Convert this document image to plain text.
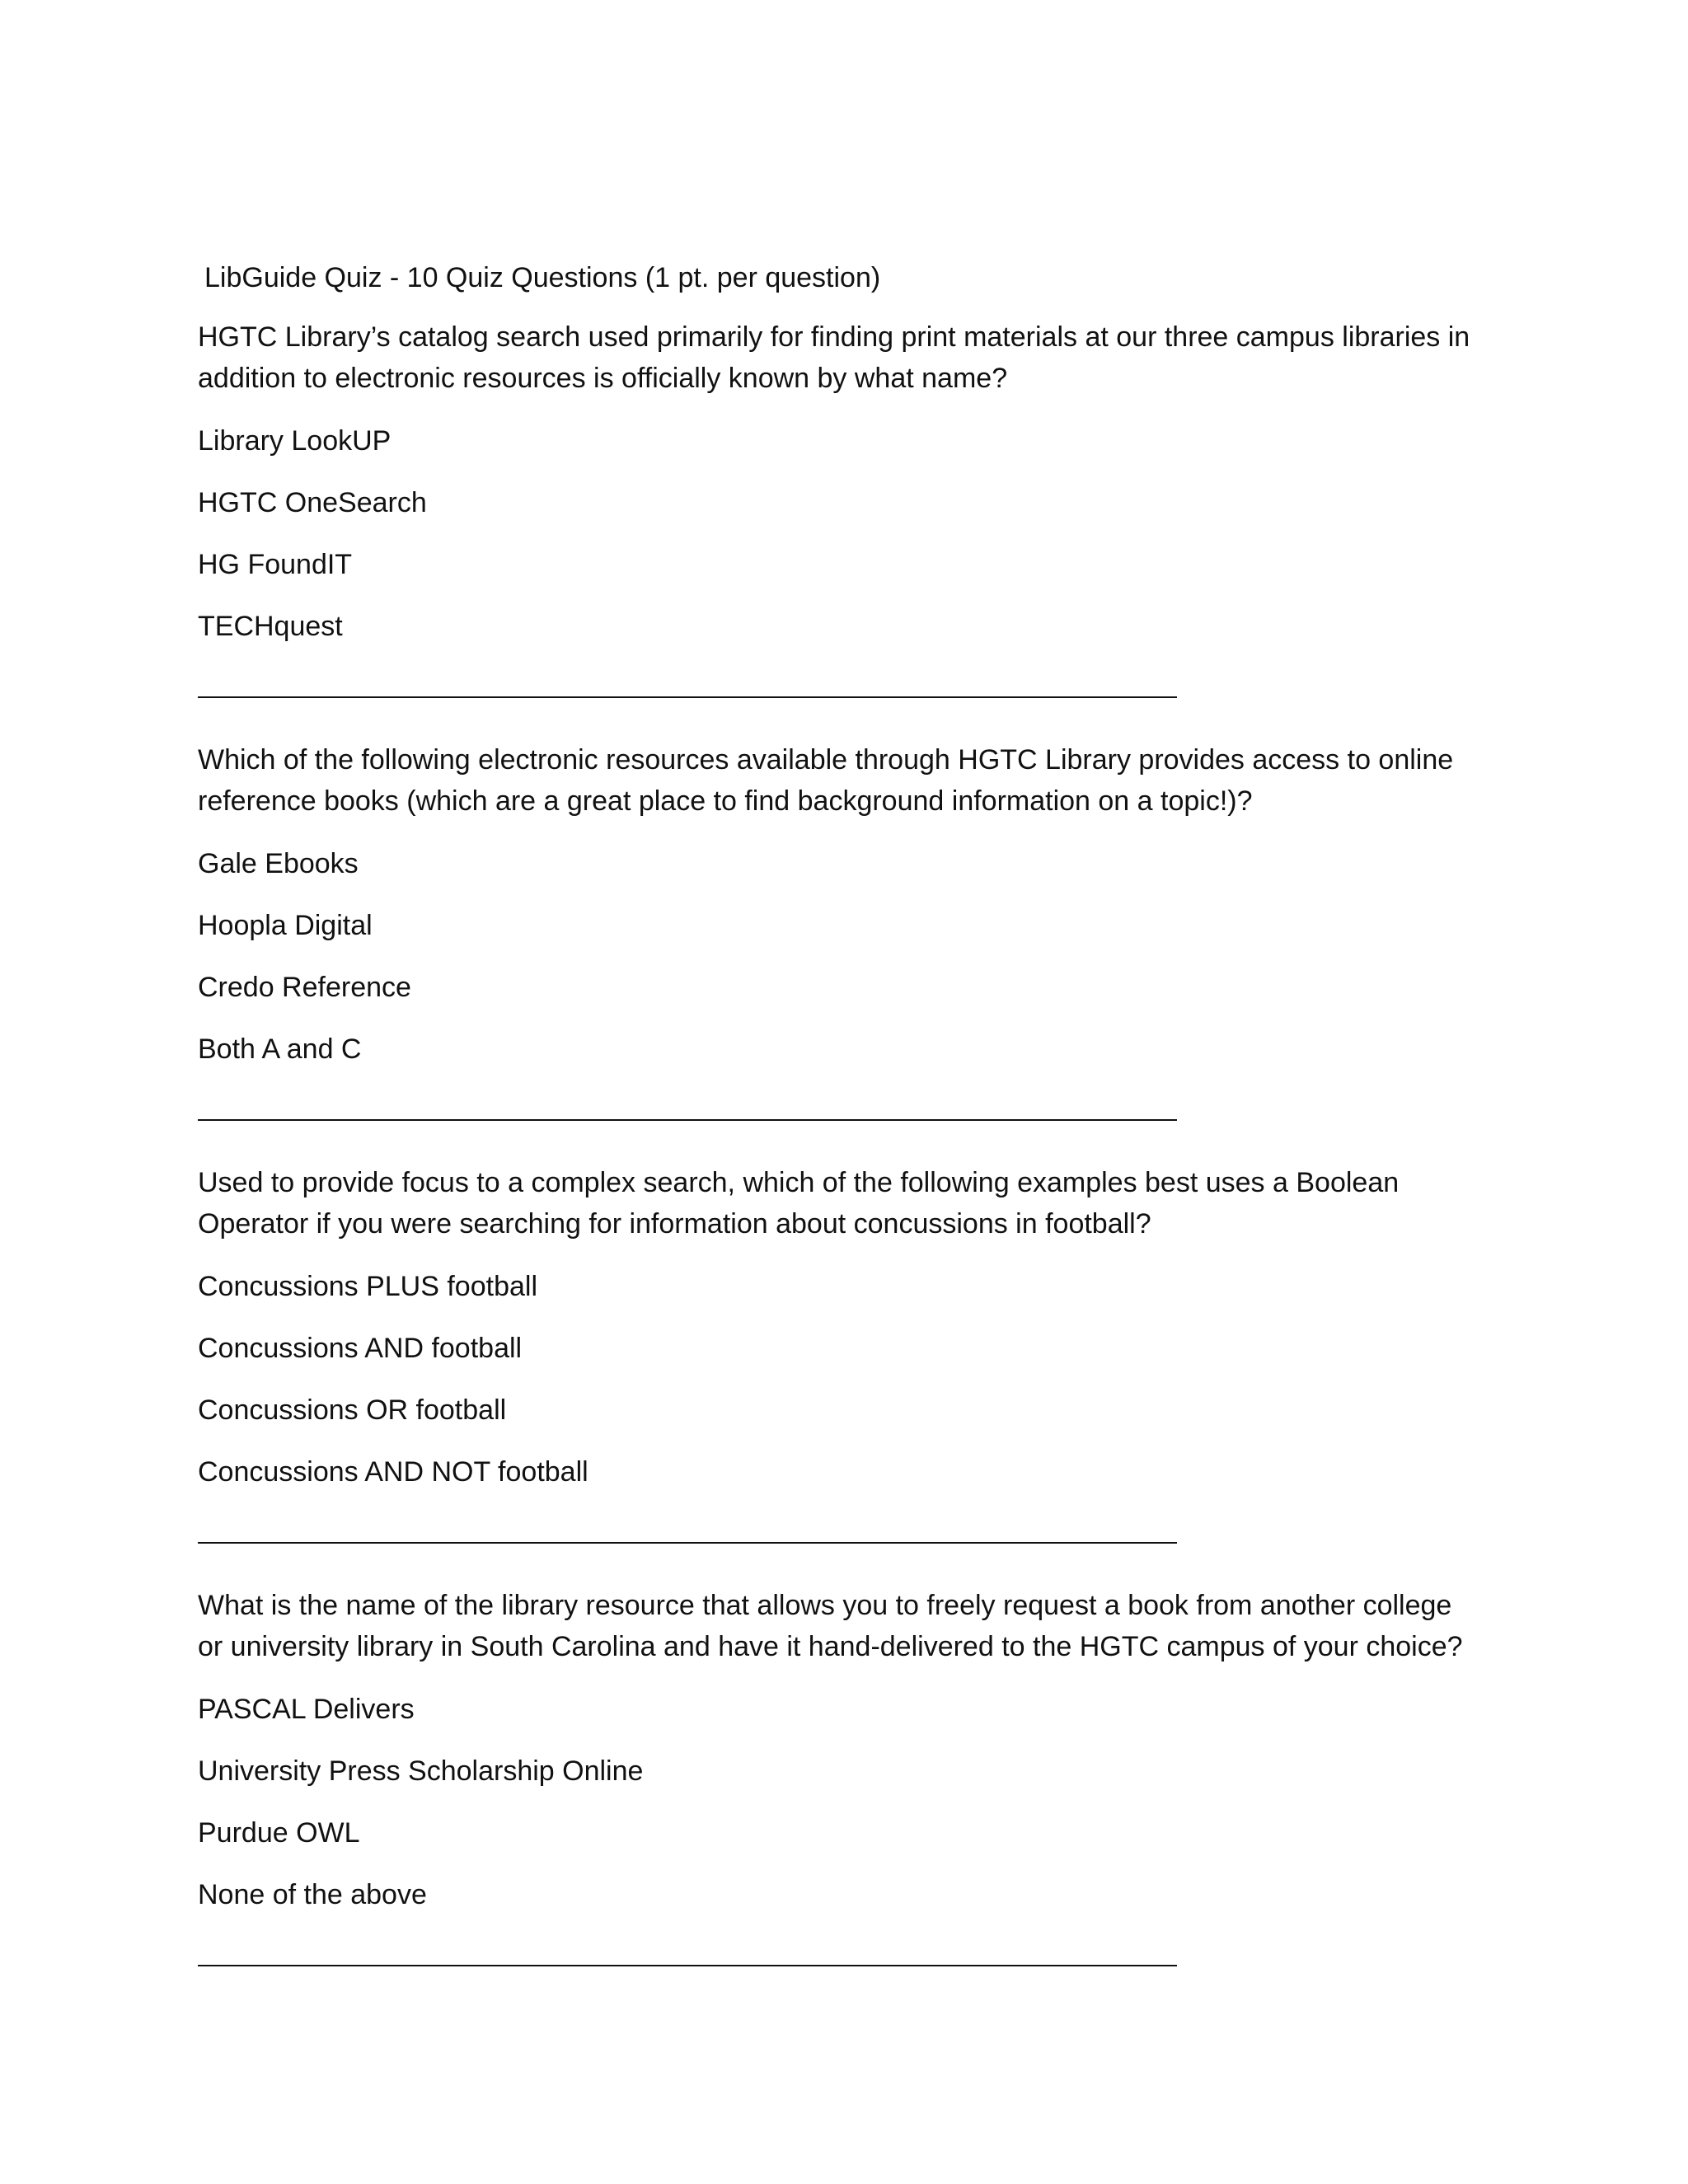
LibGuide Quiz - 10 Quiz Questions (1 pt. per question)

HGTC Library’s catalog search used primarily for finding print materials at our three campus libraries in addition to electronic resources is officially known by what name?

Library LookUP
HGTC OneSearch
HG FoundIT
TECHquest

Which of the following electronic resources available through HGTC Library provides access to online reference books (which are a great place to find background information on a topic!)?

Gale Ebooks
Hoopla Digital
Credo Reference
Both A and C

Used to provide focus to a complex search, which of the following examples best uses a Boolean Operator if you were searching for information about concussions in football?

Concussions PLUS football
Concussions AND football
Concussions OR football
Concussions AND NOT football

What is the name of the library resource that allows you to freely request a book from another college or university library in South Carolina and have it hand-delivered to the HGTC campus of your choice?

PASCAL Delivers
University Press Scholarship Online
Purdue OWL
None of the above
